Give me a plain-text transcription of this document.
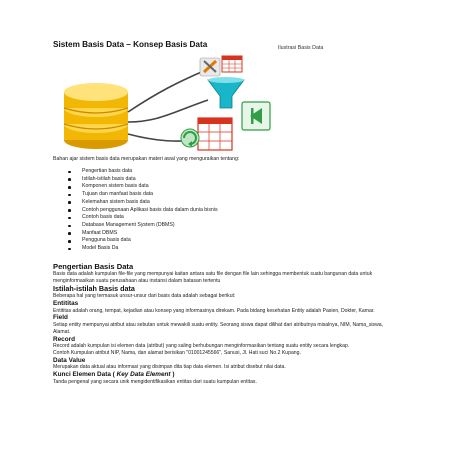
Sistem Basis Data – Konsep Basis Data	Ilustrasi Basis Data
Bahan ajar sistem basis data merupakan materi awal yang menguraikan tentang:
Pengertian basis data
Istilah-istilah basis data
Komponen sistem basis data
Tujuan dan manfaat basis data
Kelemahan sistem basis data
Contoh penggunaan Aplikasi basis data dalam dunia bisnis
Contoh basis data
Database Management System (DBMS)
Manfaat DBMS
Pengguna basis data
Model Basis Da

Pengertian Basis Data

Basis data adalah kumpulan file-file yang mempunyai kaitan antara satu file dengan file lain sehingga membentuk suatu bangunan data untuk menginformasikan suatu perusahaan atau instansi dalam batasan tertentu

Istilah-istilah Basis data

Beberapa hal yang termasuk unsur-unsur dari basis data adalah sebagai berikut:

Entititas

Entititas adalah orang, tempat, kejadian atau konsep yang informasinya direkam. Pada bidang kesehatan Entity adalah Pasien, Dokter, Kamar.

Field

Setiap entity mempunyai atribut atau sebutan untuk mewakili suatu entity. Seorang siswa dapat dilihat dari atributnya misalnya, NIM, Nama_siswa, Alamat.

Record

Record adalah kumpulan isi elemen data (atribut) yang saling berhubungan menginformasikan tentang suatu entity secara lengkap.

Contoh Kumpulan atribut NIP, Nama, dan alamat berisikan "01001245566", Sanusi, Jl. Hati suci No.2 Kupang.

Data Value

Merupakan data aktual atau informasi yang disimpan dita tiap data elemen. Isi atribut disebut nilai data.

Kunci Elemen Data ( Key Data Element )

Tanda pengenal yang secara unik mengidentifikasikan entitas dari suatu kumpulan entitas.
